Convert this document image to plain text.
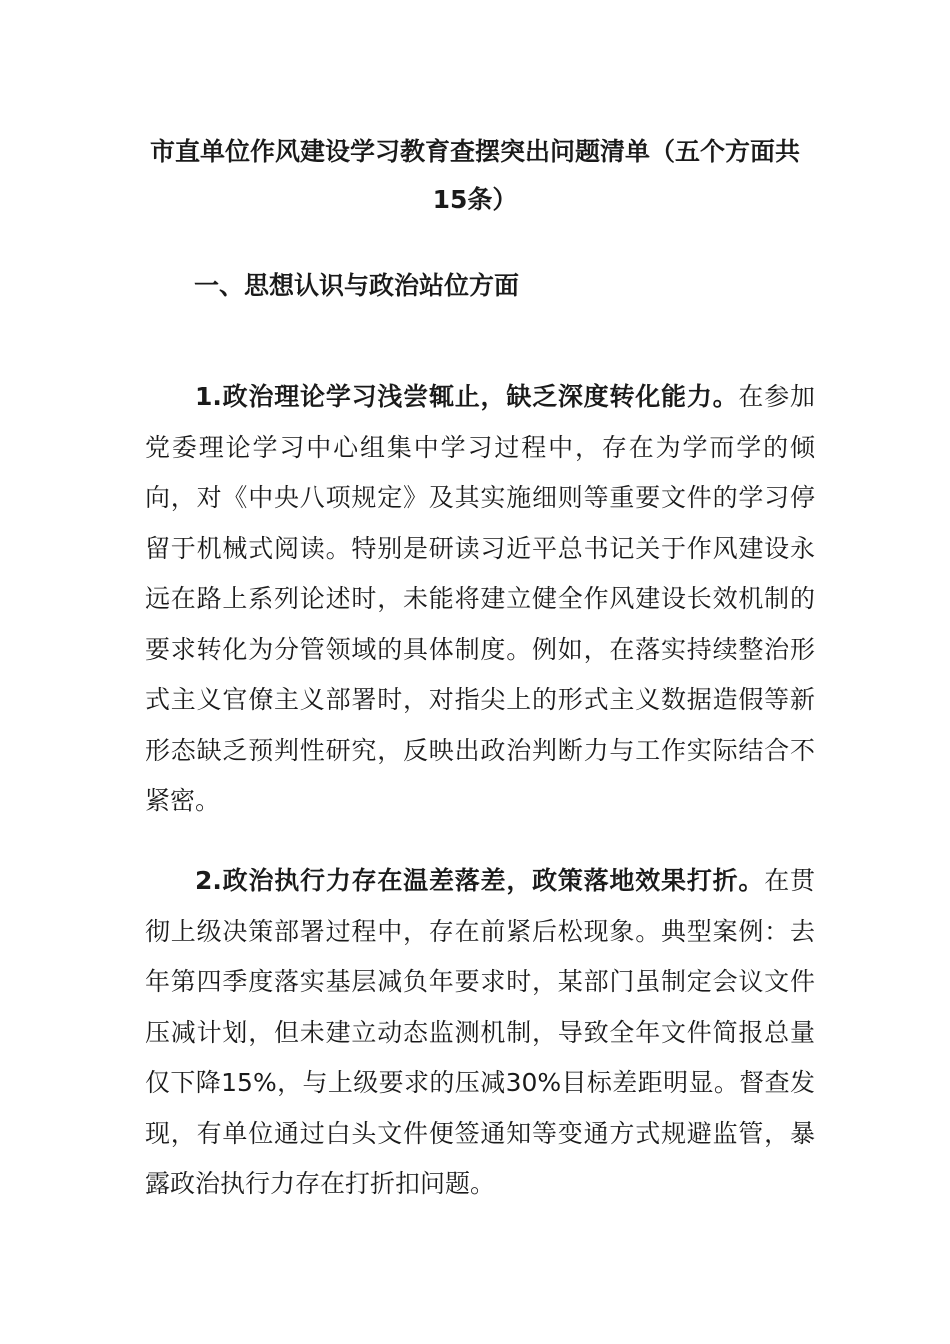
市直单位作风建设学习教育查摆突出问题清单（五个方面共15条）
一、思想认识与政治站位方面

1.政治理论学习浅尝辄止，缺乏深度转化能力。在参加党委理论学习中心组集中学习过程中，存在为学而学的倾向，对《中央八项规定》及其实施细则等重要文件的学习停留于机械式阅读。特别是研读习近平总书记关于作风建设永远在路上系列论述时，未能将建立健全作风建设长效机制的要求转化为分管领域的具体制度。例如，在落实持续整治形式主义官僚主义部署时，对指尖上的形式主义数据造假等新形态缺乏预判性研究，反映出政治判断力与工作实际结合不紧密。

2.政治执行力存在温差落差，政策落地效果打折。在贯彻上级决策部署过程中，存在前紧后松现象。典型案例：去年第四季度落实基层减负年要求时，某部门虽制定会议文件压减计划，但未建立动态监测机制，导致全年文件简报总量仅下降15%，与上级要求的压减30%目标差距明显。督查发现，有单位通过白头文件便签通知等变通方式规避监管，暴露政治执行力存在打折扣问题。
